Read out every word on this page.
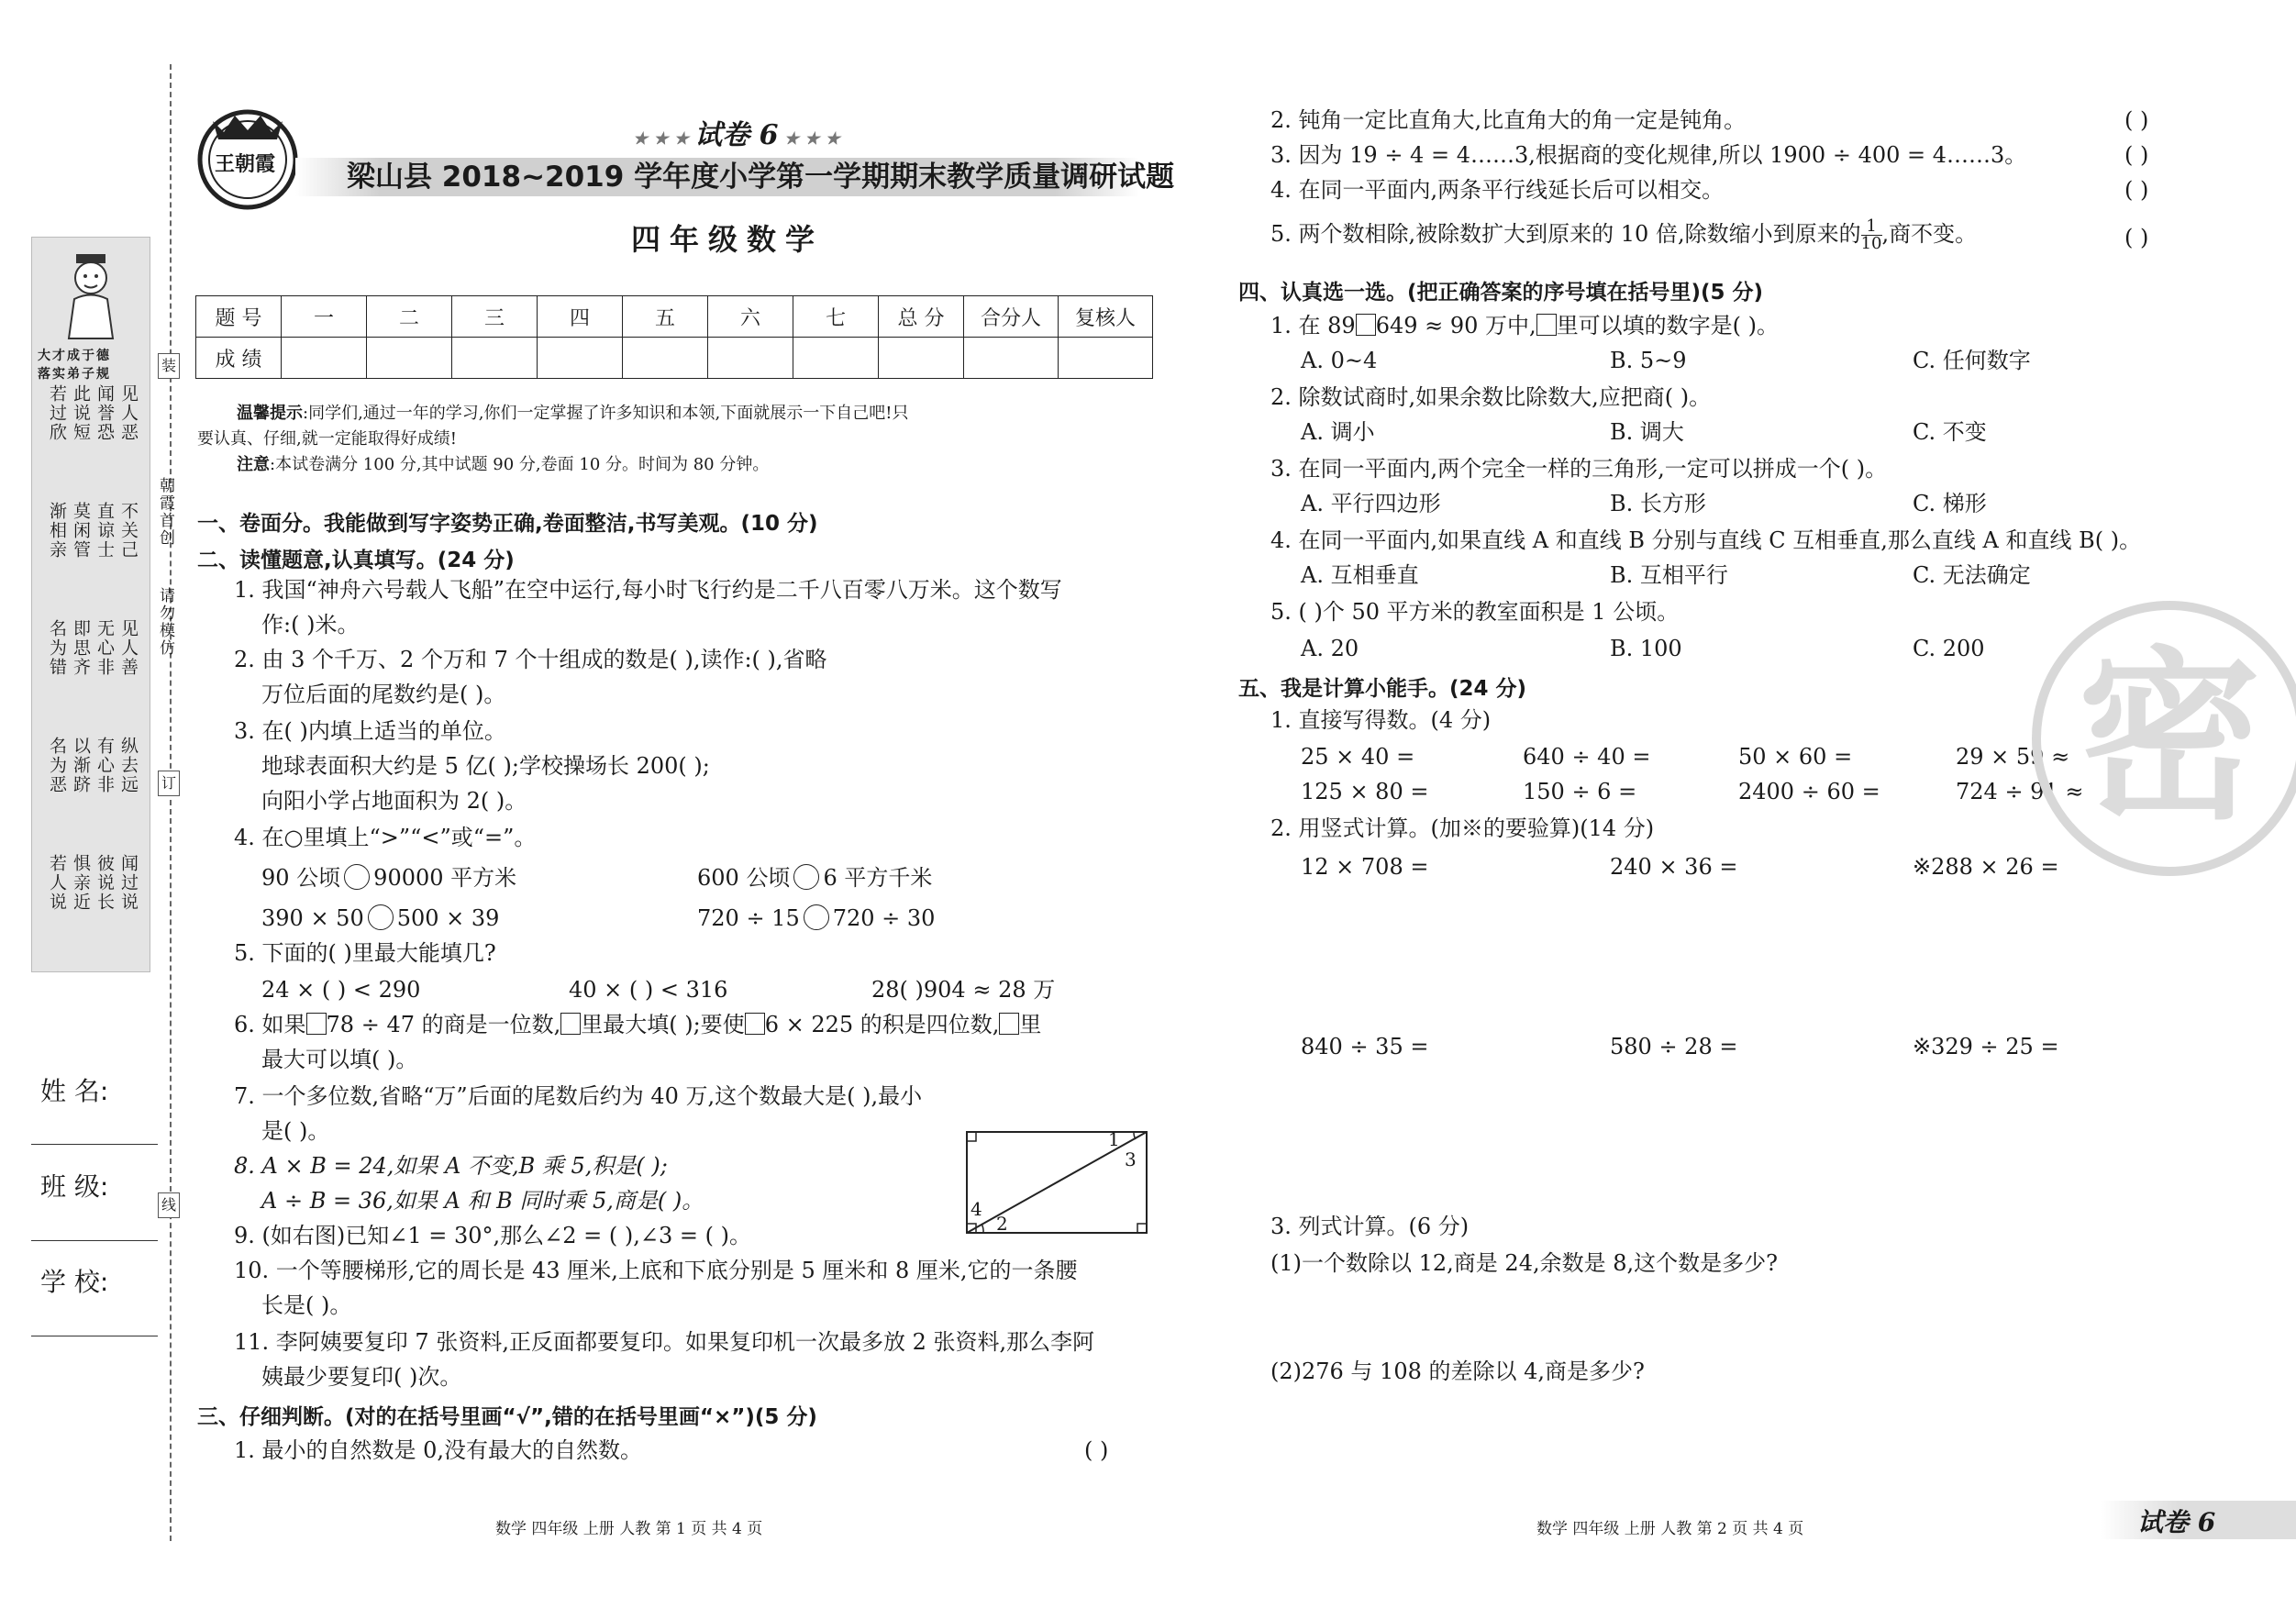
大才成于德
落实弟子规
见人恶
闻誉恐
此说短
若过欣
不关己
直谅士
莫闲管
渐相亲
见人善
无心非
即思齐
名为错
纵去远
有心非
以渐跻
名为恶
闻过说
彼说长
惧亲近
若人说
朝霞首创
请勿模仿
装
订
线
姓 名:
班 级:
学 校:
王朝霞
★ ★ ★ 试卷 6 ★ ★ ★
梁山县 2018~2019 学年度小学第一学期期末教学质量调研试题
四年级数学
题 号	一	二	三	四	五	六	七	总 分	合分人	复核人
成 绩										
温馨提示:同学们,通过一年的学习,你们一定掌握了许多知识和本领,下面就展示一下自己吧!只
要认真、仔细,就一定能取得好成绩!
注意:本试卷满分 100 分,其中试题 90 分,卷面 10 分。时间为 80 分钟。
一、卷面分。我能做到写字姿势正确,卷面整洁,书写美观。(10 分)
二、读懂题意,认真填写。(24 分)
1. 我国“神舟六号载人飞船”在空中运行,每小时飞行约是二千八百零八万米。这个数写
作:( )米。
2. 由 3 个千万、2 个万和 7 个十组成的数是( ),读作:( ),省略
万位后面的尾数约是( )。
3. 在( )内填上适当的单位。
地球表面积大约是 5 亿( );学校操场长 200( );
向阳小学占地面积为 2( )。
4. 在○里填上“>”“<”或“=”。
90 公顷 90000 平方米	600 公顷 6 平方千米
390 × 50 500 × 39	720 ÷ 15 720 ÷ 30
5. 下面的( )里最大能填几?
24 × ( ) < 290	40 × ( ) < 316	28( )904 ≈ 28 万
6. 如果 78 ÷ 47 的商是一位数, 里最大填( );要使 6 × 225 的积是四位数, 里
最大可以填( )。
7. 一个多位数,省略“万”后面的尾数后约为 40 万,这个数最大是( ),最小
是( )。
8. A × B = 24,如果 A 不变,B 乘 5,积是( );
A ÷ B = 36,如果 A 和 B 同时乘 5,商是( )。
9. (如右图)已知∠1 = 30°,那么∠2 = ( ),∠3 = ( )。
10. 一个等腰梯形,它的周长是 43 厘米,上底和下底分别是 5 厘米和 8 厘米,它的一条腰
长是( )。
11. 李阿姨要复印 7 张资料,正反面都要复印。如果复印机一次最多放 2 张资料,那么李阿
姨最少要复印( )次。
1
3
4
2
三、仔细判断。(对的在括号里画“√”,错的在括号里画“×”)(5 分)
1. 最小的自然数是 0,没有最大的自然数。	( )
数学 四年级 上册 人教 第 1 页 共 4 页
2. 钝角一定比直角大,比直角大的角一定是钝角。	( )
3. 因为 19 ÷ 4 = 4……3,根据商的变化规律,所以 1900 ÷ 400 = 4……3。	( )
4. 在同一平面内,两条平行线延长后可以相交。	( )
5. 两个数相除,被除数扩大到原来的 10 倍,除数缩小到原来的 $\frac{1}{10}$ ,商不变。	( )
四、认真选一选。(把正确答案的序号填在括号里)(5 分)
1. 在 89 649 ≈ 90 万中, 里可以填的数字是( )。
A. 0~4	B. 5~9	C. 任何数字
2. 除数试商时,如果余数比除数大,应把商( )。
A. 调小	B. 调大	C. 不变
3. 在同一平面内,两个完全一样的三角形,一定可以拼成一个( )。
A. 平行四边形	B. 长方形	C. 梯形
4. 在同一平面内,如果直线 A 和直线 B 分别与直线 C 互相垂直,那么直线 A 和直线 B( )。
A. 互相垂直	B. 互相平行	C. 无法确定
5. ( )个 50 平方米的教室面积是 1 公顷。
A. 20	B. 100	C. 200
五、我是计算小能手。(24 分)
1. 直接写得数。(4 分)
25 × 40 =	640 ÷ 40 =	50 × 60 =	29 × 59 ≈
125 × 80 =	150 ÷ 6 =	2400 ÷ 60 =	724 ÷ 91 ≈
2. 用竖式计算。(加※的要验算)(14 分)
12 × 708 =	240 × 36 =	※288 × 26 =
840 ÷ 35 =	580 ÷ 28 =	※329 ÷ 25 =
3. 列式计算。(6 分)
(1)一个数除以 12,商是 24,余数是 8,这个数是多少?
(2)276 与 108 的差除以 4,商是多少?
密
数学 四年级 上册 人教 第 2 页 共 4 页	试卷 6
